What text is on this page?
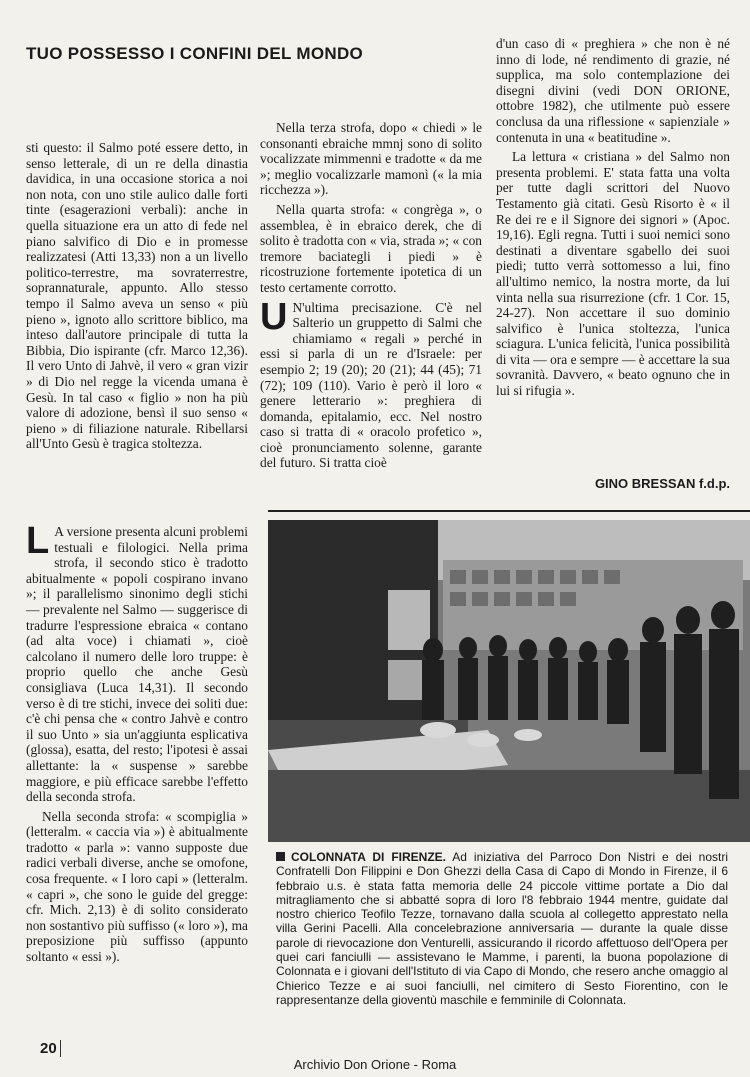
TUO POSSESSO I CONFINI DEL MONDO

sti questo: il Salmo poté essere detto, in senso letterale, di un re della dinastia davidica, in una occasione storica a noi non nota, con uno stile aulico dalle forti tinte (esagerazioni verbali): anche in quella situazione era un atto di fede nel piano salvifico di Dio e in promesse realizzatesi (Atti 13,33) non a un livello politico-terrestre, ma sovraterrestre, soprannaturale, appunto. Allo stesso tempo il Salmo aveva un senso « più pieno », ignoto allo scrittore biblico, ma inteso dall'autore principale di tutta la Bibbia, Dio ispirante (cfr. Marco 12,36). Il vero Unto di Jahvè, il vero « gran vizir » di Dio nel regge la vicenda umana è Gesù. In tal caso « figlio » non ha più valore di adozione, bensì il suo senso « pieno » di filiazione naturale. Ribellarsi all'Unto Gesù è tragica stoltezza.

Nella terza strofa, dopo « chiedi » le consonanti ebraiche mmnj sono di solito vocalizzate mimmenni e tradotte « da me »; meglio vocalizzarle mamonì (« la mia ricchezza »).

Nella quarta strofa: « congrèga », o assemblea, è in ebraico derek, che di solito è tradotta con « via, strada »; « con tremore baciategli i piedi » è ricostruzione fortemente ipotetica di un testo certamente corrotto.

U N'ultima precisazione. C'è nel Salterio un gruppetto di Salmi che chiamiamo « regali » perché in essi si parla di un re d'Israele: per esempio 2; 19 (20); 20 (21); 44 (45); 71 (72); 109 (110). Vario è però il loro « genere letterario »: preghiera di domanda, epitalamio, ecc. Nel nostro caso si tratta di « oracolo profetico », cioè pronunciamento solenne, garante del futuro. Si tratta cioè

d'un caso di « preghiera » che non è né inno di lode, né rendimento di grazie, né supplica, ma solo contemplazione dei disegni divini (vedi DON ORIONE, ottobre 1982), che utilmente può essere conclusa da una riflessione « sapienziale » contenuta in una « beatitudine ».

La lettura « cristiana » del Salmo non presenta problemi. E' stata fatta una volta per tutte dagli scrittori del Nuovo Testamento già citati. Gesù Risorto è « il Re dei re e il Signore dei signori » (Apoc. 19,16). Egli regna. Tutti i suoi nemici sono destinati a diventare sgabello dei suoi piedi; tutto verrà sottomesso a lui, fino all'ultimo nemico, la nostra morte, da lui vinta nella sua risurrezione (cfr. 1 Cor. 15, 24-27). Non accettare il suo dominio salvifico è l'unica stoltezza, l'unica sciagura. L'unica felicità, l'unica possibilità di vita — ora e sempre — è accettare la sua sovranità. Davvero, « beato ognuno che in lui si rifugia ».

GINO BRESSAN f.d.p.

L A versione presenta alcuni problemi testuali e filologici. Nella prima strofa, il secondo stico è tradotto abitualmente « popoli cospirano invano »; il parallelismo sinonimo degli stichi — prevalente nel Salmo — suggerisce di tradurre l'espressione ebraica « contano (ad alta voce) i chiamati », cioè calcolano il numero delle loro truppe: è proprio quello che anche Gesù consigliava (Luca 14,31). Il secondo verso è di tre stichi, invece dei soliti due: c'è chi pensa che « contro Jahvè e contro il suo Unto » sia un'aggiunta esplicativa (glossa), esatta, del resto; l'ipotesi è assai allettante: la « suspense » sarebbe maggiore, e più efficace sarebbe l'effetto della seconda strofa.

Nella seconda strofa: « scompiglia » (letteralm. « caccia via ») è abitualmente tradotto « parla »: vanno supposte due radici verbali diverse, anche se omofone, cosa frequente. « I loro capi » (letteralm. « capri », che sono le guide del gregge: cfr. Mich. 2,13) è di solito considerato non sostantivo più suffisso (« loro »), ma preposizione più suffisso (appunto soltanto « essi »).

COLONNATA DI FIRENZE. Ad iniziativa del Parroco Don Nistri e dei nostri Confratelli Don Filippini e Don Ghezzi della Casa di Capo di Mondo in Firenze, il 6 febbraio u.s. è stata fatta memoria delle 24 piccole vittime portate a Dio dal mitragliamento che si abbatté sopra di loro l'8 febbraio 1944 mentre, guidate dal nostro chierico Teofilo Tezze, tornavano dalla scuola al collegetto apprestato nella villa Gerini Pacelli. Alla concelebrazione anniversaria — durante la quale disse parole di rievocazione don Venturelli, assicurando il ricordo affettuoso dell'Opera per quei cari fanciulli — assistevano le Mamme, i parenti, la buona popolazione di Colonnata e i giovani dell'Istituto di via Capo di Mondo, che resero anche omaggio al Chierico Tezze e ai suoi fanciulli, nel cimitero di Sesto Fiorentino, con le rappresentanze della gioventù maschile e femminile di Colonnata.
20
Archivio Don Orione - Roma
